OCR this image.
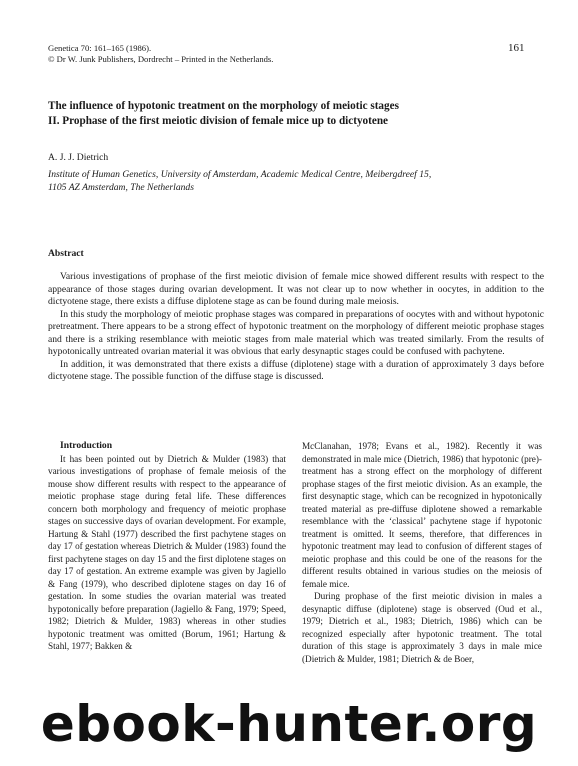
Genetica 70: 161–165 (1986).
© Dr W. Junk Publishers, Dordrecht – Printed in the Netherlands.
161
The influence of hypotonic treatment on the morphology of meiotic stages
II. Prophase of the first meiotic division of female mice up to dictyotene
A. J. J. Dietrich
Institute of Human Genetics, University of Amsterdam, Academic Medical Centre, Meibergdreef 15,
1105 AZ Amsterdam, The Netherlands
Abstract

Various investigations of prophase of the first meiotic division of female mice showed different results with respect to the appearance of those stages during ovarian development. It was not clear up to now whether in oocytes, in addition to the dictyotene stage, there exists a diffuse diplotene stage as can be found during male meiosis.

In this study the morphology of meiotic prophase stages was compared in preparations of oocytes with and without hypotonic pretreatment. There appears to be a strong effect of hypotonic treatment on the morphology of different meiotic prophase stages and there is a striking resemblance with meiotic stages from male material which was treated similarly. From the results of hypotonically untreated ovarian material it was obvious that early desynaptic stages could be confused with pachytene.

In addition, it was demonstrated that there exists a diffuse (diplotene) stage with a duration of approximately 3 days before dictyotene stage. The possible function of the diffuse stage is discussed.

Introduction

It has been pointed out by Dietrich & Mulder (1983) that various investigations of prophase of female meiosis of the mouse show different results with respect to the appearance of meiotic prophase stage during fetal life. These differences concern both morphology and frequency of meiotic prophase stages on successive days of ovarian development. For example, Hartung & Stahl (1977) described the first pachytene stages on day 17 of gestation whereas Dietrich & Mulder (1983) found the first pachytene stages on day 15 and the first diplotene stages on day 17 of gestation. An extreme example was given by Jagiello & Fang (1979), who described diplotene stages on day 16 of gestation. In some studies the ovarian material was treated hypotonically before preparation (Jagiello & Fang, 1979; Speed, 1982; Dietrich & Mulder, 1983) whereas in other studies hypotonic treatment was omitted (Borum, 1961; Hartung & Stahl, 1977; Bakken &

McClanahan, 1978; Evans et al., 1982). Recently it was demonstrated in male mice (Dietrich, 1986) that hypotonic (pre)-treatment has a strong effect on the morphology of different prophase stages of the first meiotic division. As an example, the first desynaptic stage, which can be recognized in hypotonically treated material as pre-diffuse diplotene showed a remarkable resemblance with the ‘classical’ pachytene stage if hypotonic treatment is omitted. It seems, therefore, that differences in hypotonic treatment may lead to confusion of different stages of meiotic prophase and this could be one of the reasons for the different results obtained in various studies on the meiosis of female mice.

During prophase of the first meiotic division in males a desynaptic diffuse (diplotene) stage is observed (Oud et al., 1979; Dietrich et al., 1983; Dietrich, 1986) which can be recognized especially after hypotonic treatment. The total duration of this stage is approximately 3 days in male mice (Dietrich & Mulder, 1981; Dietrich & de Boer,

ebook-hunter.org
